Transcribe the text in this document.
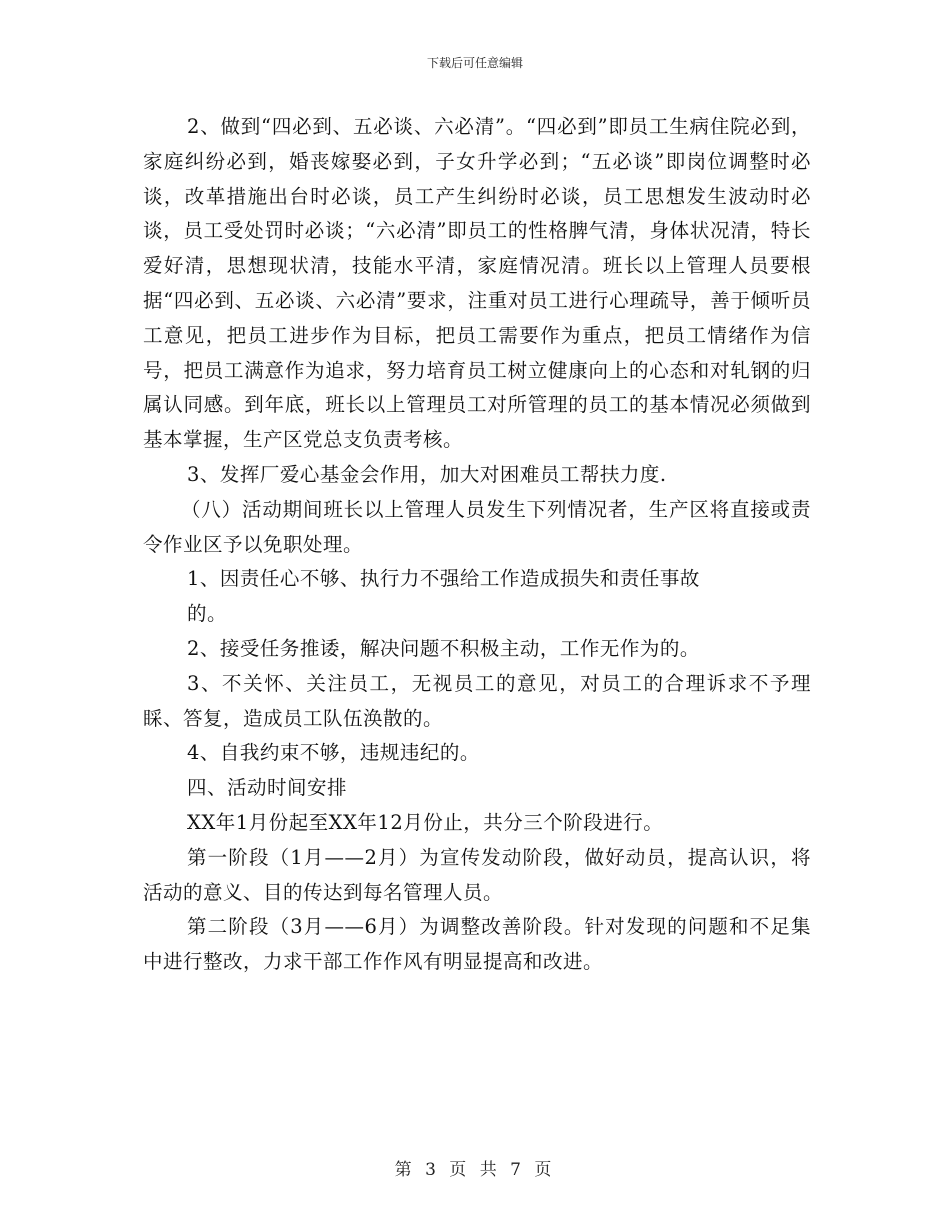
下载后可任意编辑

2、做到“四必到、五必谈、六必清”。“四必到”即员工生病住院必到，家庭纠纷必到，婚丧嫁娶必到，子女升学必到；“五必谈”即岗位调整时必谈，改革措施出台时必谈，员工产生纠纷时必谈，员工思想发生波动时必谈，员工受处罚时必谈；“六必清”即员工的性格脾气清，身体状况清，特长爱好清，思想现状清，技能水平清，家庭情况清。班长以上管理人员要根据“四必到、五必谈、六必清”要求，注重对员工进行心理疏导，善于倾听员工意见，把员工进步作为目标，把员工需要作为重点，把员工情绪作为信号，把员工满意作为追求，努力培育员工树立健康向上的心态和对轧钢的归属认同感。到年底，班长以上管理员工对所管理的员工的基本情况必须做到基本掌握，生产区党总支负责考核。

3、发挥厂爱心基金会作用，加大对困难员工帮扶力度.

（八）活动期间班长以上管理人员发生下列情况者，生产区将直接或责令作业区予以免职处理。

1、因责任心不够、执行力不强给工作造成损失和责任事故

的。

2、接受任务推诿，解决问题不积极主动，工作无作为的。

3、不关怀、关注员工，无视员工的意见，对员工的合理诉求不予理睬、答复，造成员工队伍涣散的。

4、自我约束不够，违规违纪的。

四、活动时间安排

XX年1月份起至XX年12月份止，共分三个阶段进行。

第一阶段（1月——2月）为宣传发动阶段，做好动员，提高认识，将活动的意义、目的传达到每名管理人员。

第二阶段（3月——6月）为调整改善阶段。针对发现的问题和不足集中进行整改，力求干部工作作风有明显提高和改进。

第 3 页 共 7 页
